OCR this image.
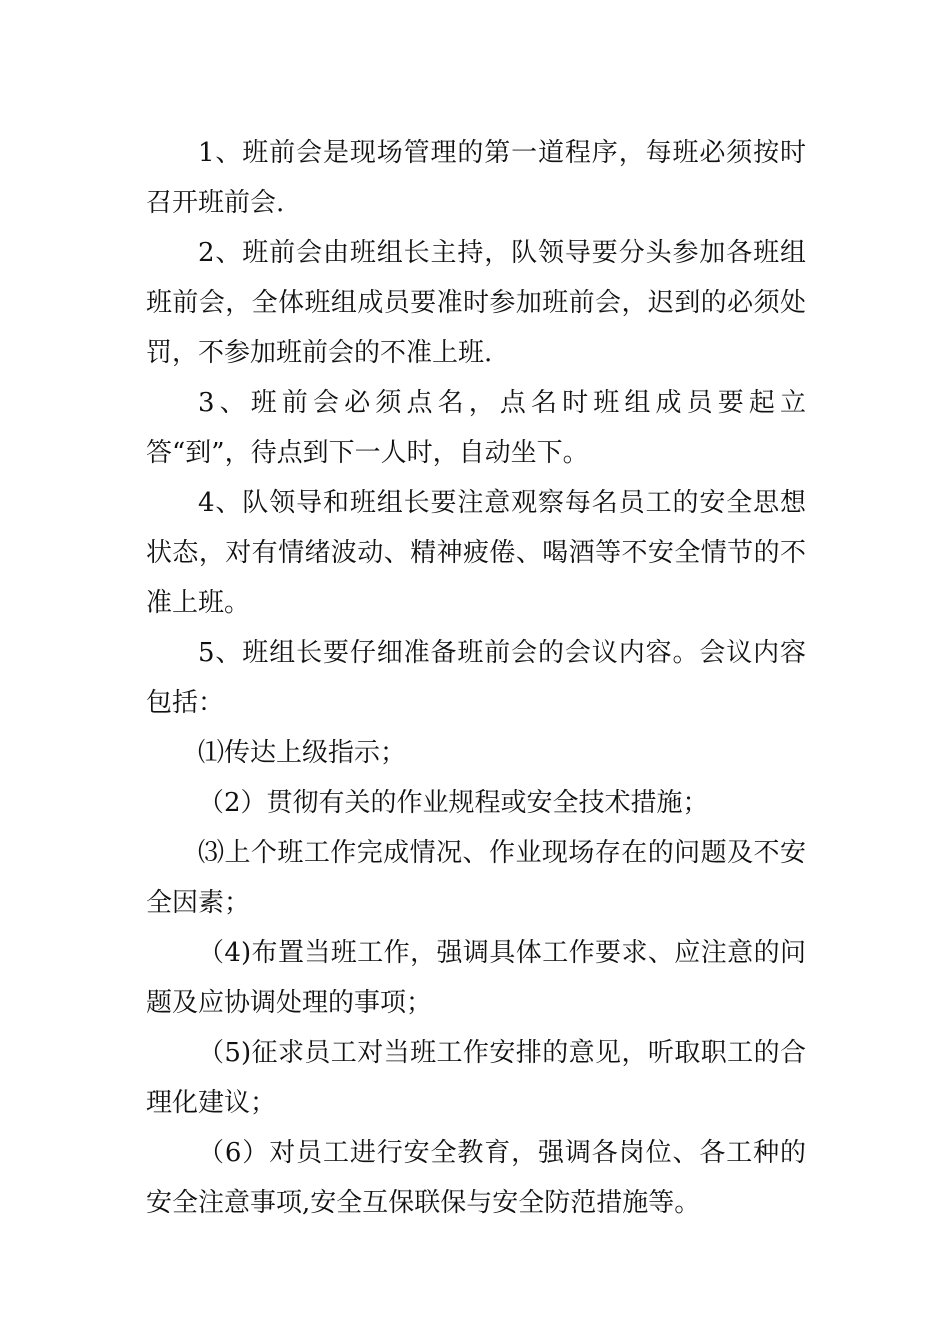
1、班前会是现场管理的第一道程序，每班必须按时召开班前会.

2、班前会由班组长主持，队领导要分头参加各班组班前会，全体班组成员要准时参加班前会，迟到的必须处罚，不参加班前会的不准上班.

3、班前会必须点名，点名时班组成员要起立答“到”，待点到下一人时，自动坐下。

4、队领导和班组长要注意观察每名员工的安全思想状态，对有情绪波动、精神疲倦、喝酒等不安全情节的不准上班。

5、班组长要仔细准备班前会的会议内容。会议内容包括：

⑴传达上级指示；

（2）贯彻有关的作业规程或安全技术措施；

⑶上个班工作完成情况、作业现场存在的问题及不安全因素；

（4)布置当班工作，强调具体工作要求、应注意的问题及应协调处理的事项；

（5)征求员工对当班工作安排的意见，听取职工的合理化建议；

（6）对员工进行安全教育，强调各岗位、各工种的安全注意事项,安全互保联保与安全防范措施等。
